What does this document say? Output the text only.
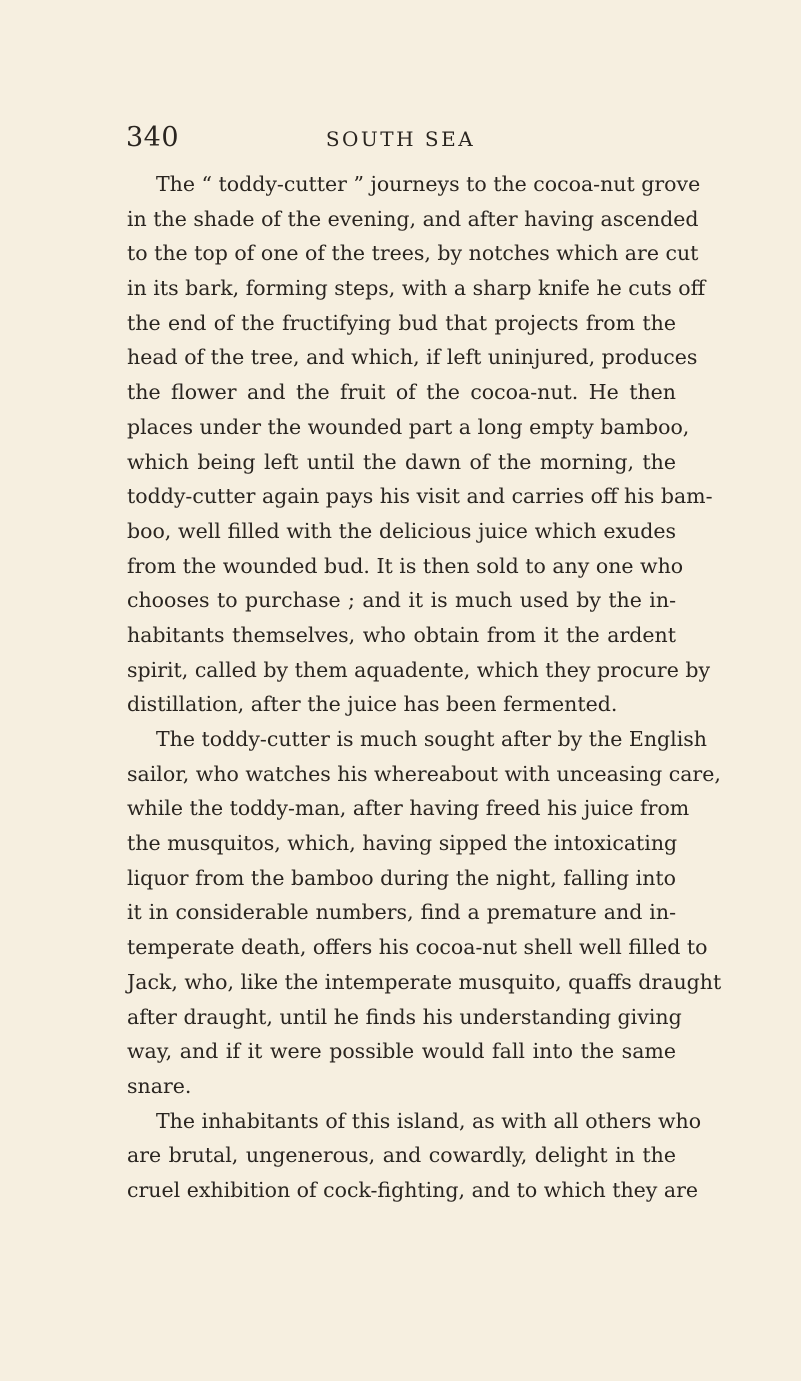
340	SOUTH SEA
The “ toddy-cutter ” journeys to the cocoa-nut grove
in the shade of the evening, and after having ascended
to the top of one of the trees, by notches which are cut
in its bark, forming steps, with a sharp knife he cuts off
the end of the fructifying bud that projects from the
head of the tree, and which, if left uninjured, produces
the flower and the fruit of the cocoa-nut. He then
places under the wounded part a long empty bamboo,
which being left until the dawn of the morning, the
toddy-cutter again pays his visit and carries off his bam-
boo, well filled with the delicious juice which exudes
from the wounded bud. It is then sold to any one who
chooses to purchase ; and it is much used by the in-
habitants themselves, who obtain from it the ardent
spirit, called by them aquadente, which they procure by
distillation, after the juice has been fermented.
The toddy-cutter is much sought after by the English
sailor, who watches his whereabout with unceasing care,
while the toddy-man, after having freed his juice from
the musquitos, which, having sipped the intoxicating
liquor from the bamboo during the night, falling into
it in considerable numbers, find a premature and in-
temperate death, offers his cocoa-nut shell well filled to
Jack, who, like the intemperate musquito, quaffs draught
after draught, until he finds his understanding giving
way, and if it were possible would fall into the same
snare.
The inhabitants of this island, as with all others who
are brutal, ungenerous, and cowardly, delight in the
cruel exhibition of cock-fighting, and to which they are
